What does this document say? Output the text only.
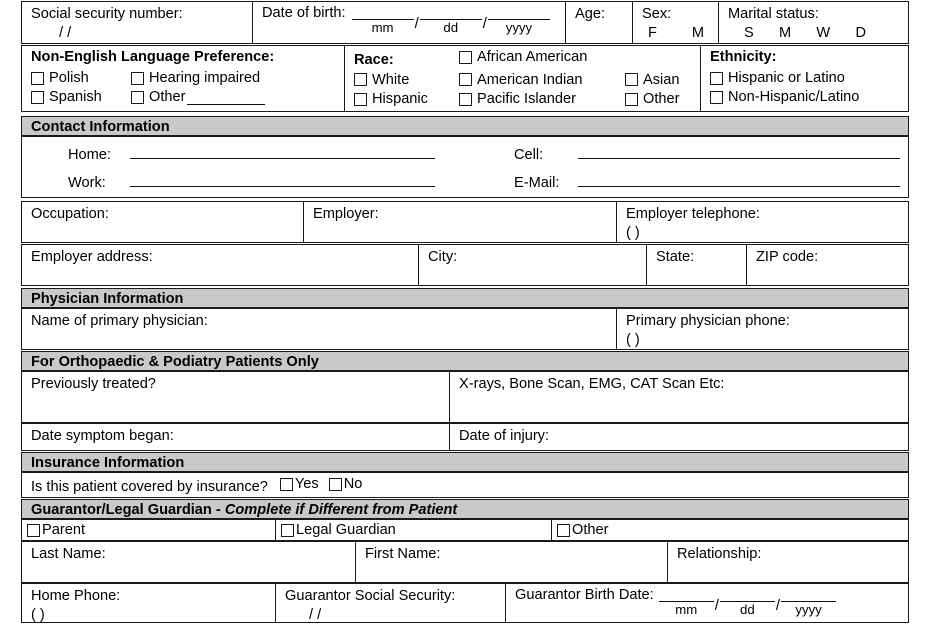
Social security number:
/ /
Date of birth:
mm / dd / yyyy
Age:	Sex:
F M
Marital status:
S M W D
Non-English Language Preference:
Polish	Hearing impaired
Spanish	Other
Race:	African American
White	American Indian	Asian
Hispanic	Pacific Islander	Other
Ethnicity:
Hispanic or Latino
Non-Hispanic/Latino
Contact Information
Home:
Work:
Cell:
E-Mail:
Occupation:	Employer:	Employer telephone:
( )
Employer address:	City:	State:	ZIP code:
Physician Information
Name of primary physician:	Primary physician phone:
( )
For Orthopaedic & Podiatry Patients Only
Previously treated?	X-rays, Bone Scan, EMG, CAT Scan Etc:
Date symptom began:	Date of injury:
Insurance Information
Is this patient covered by insurance? Yes No
Guarantor/Legal Guardian - Complete if Different from Patient
Parent	Legal Guardian	Other
Last Name:	First Name:	Relationship:
Home Phone:
( )
Guarantor Social Security:
/ /
Guarantor Birth Date:
mm / dd / yyyy
